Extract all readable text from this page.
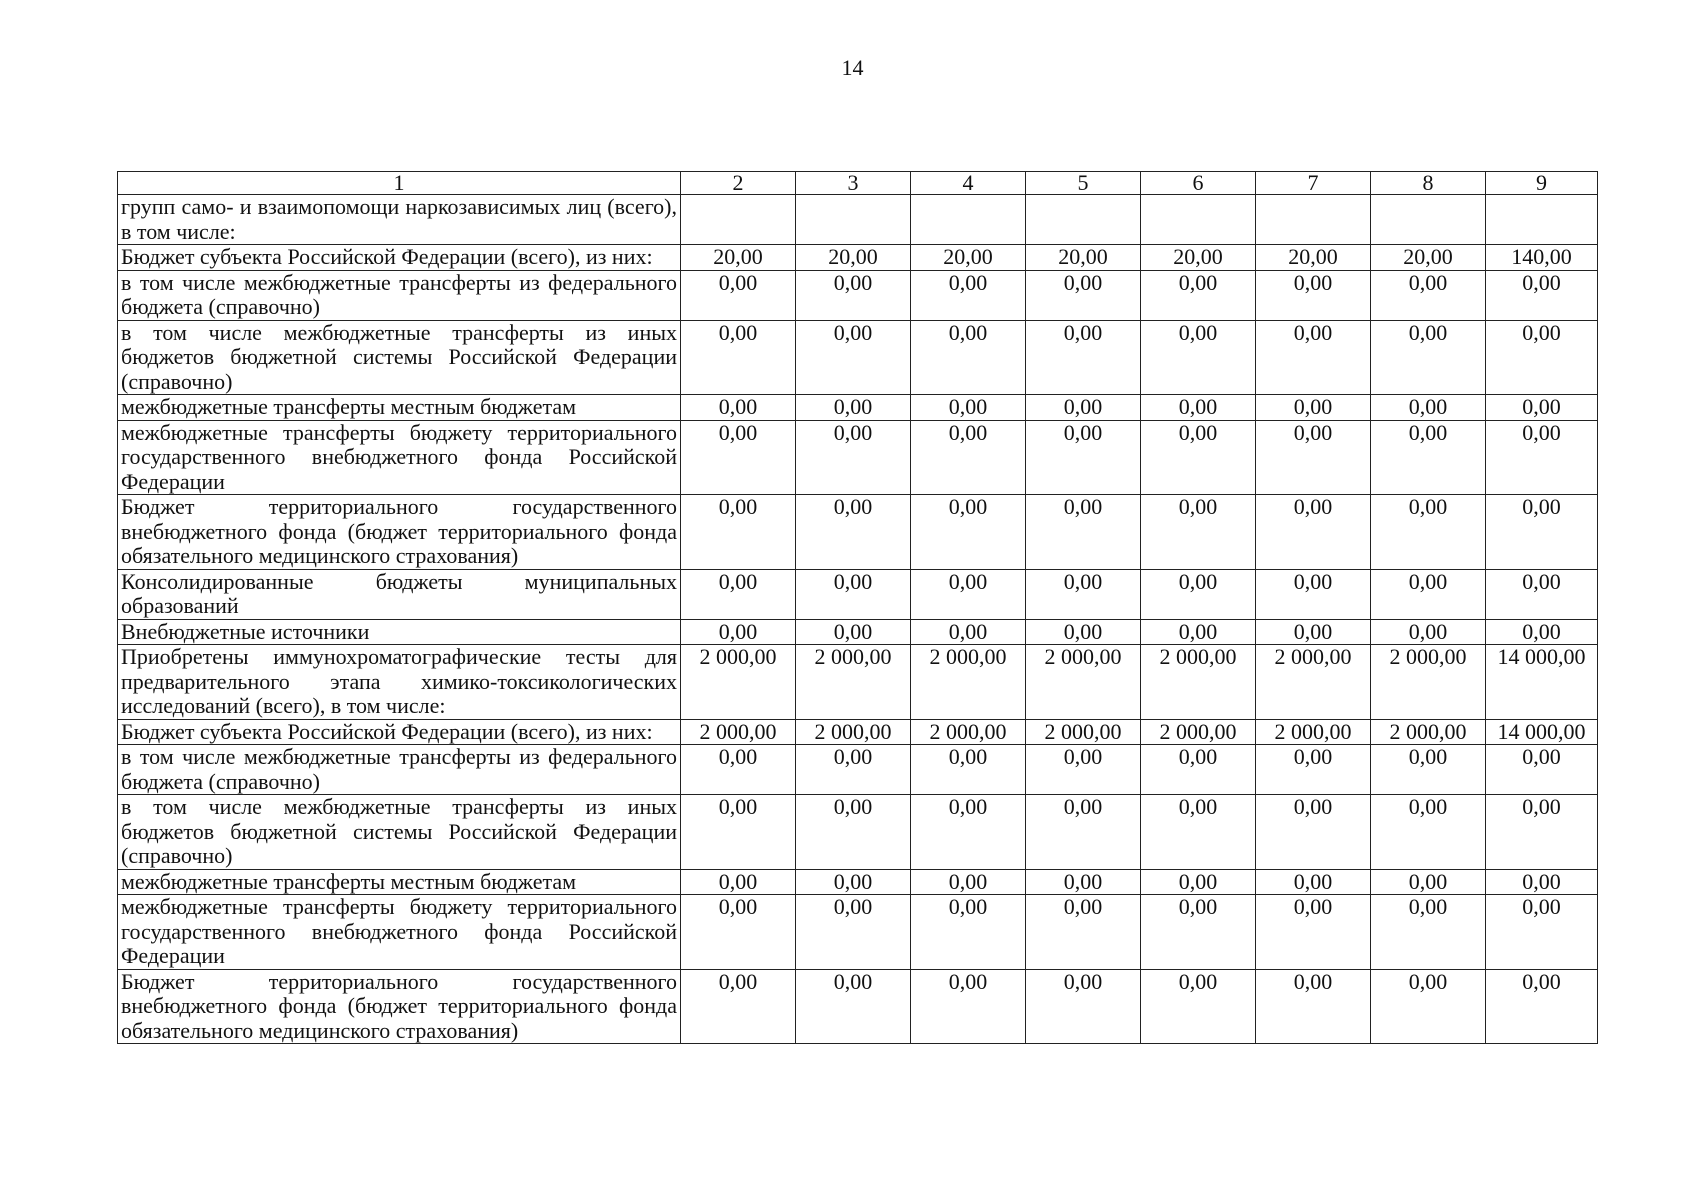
14
1	2	3	4	5	6	7	8	9
групп само- и взаимопомощи наркозависимых лиц (всего), в том числе:								
Бюджет субъекта Российской Федерации (всего), из них:	20,00	20,00	20,00	20,00	20,00	20,00	20,00	140,00
в том числе межбюджетные трансферты из федерального бюджета (справочно)	0,00	0,00	0,00	0,00	0,00	0,00	0,00	0,00
в том числе межбюджетные трансферты из иных бюджетов бюджетной системы Российской Федерации (справочно)	0,00	0,00	0,00	0,00	0,00	0,00	0,00	0,00
межбюджетные трансферты местным бюджетам	0,00	0,00	0,00	0,00	0,00	0,00	0,00	0,00
межбюджетные трансферты бюджету территориального государственного внебюджетного фонда Российской Федерации	0,00	0,00	0,00	0,00	0,00	0,00	0,00	0,00
Бюджет территориального государственного внебюджетного фонда (бюджет территориального фонда обязательного медицинского страхования)	0,00	0,00	0,00	0,00	0,00	0,00	0,00	0,00
Консолидированные бюджеты муниципальных образований	0,00	0,00	0,00	0,00	0,00	0,00	0,00	0,00
Внебюджетные источники	0,00	0,00	0,00	0,00	0,00	0,00	0,00	0,00
Приобретены иммунохроматографические тесты для предварительного этапа химико-токсикологических исследований (всего), в том числе:	2 000,00	2 000,00	2 000,00	2 000,00	2 000,00	2 000,00	2 000,00	14 000,00
Бюджет субъекта Российской Федерации (всего), из них:	2 000,00	2 000,00	2 000,00	2 000,00	2 000,00	2 000,00	2 000,00	14 000,00
в том числе межбюджетные трансферты из федерального бюджета (справочно)	0,00	0,00	0,00	0,00	0,00	0,00	0,00	0,00
в том числе межбюджетные трансферты из иных бюджетов бюджетной системы Российской Федерации (справочно)	0,00	0,00	0,00	0,00	0,00	0,00	0,00	0,00
межбюджетные трансферты местным бюджетам	0,00	0,00	0,00	0,00	0,00	0,00	0,00	0,00
межбюджетные трансферты бюджету территориального государственного внебюджетного фонда Российской Федерации	0,00	0,00	0,00	0,00	0,00	0,00	0,00	0,00
Бюджет территориального государственного внебюджетного фонда (бюджет территориального фонда обязательного медицинского страхования)	0,00	0,00	0,00	0,00	0,00	0,00	0,00	0,00
